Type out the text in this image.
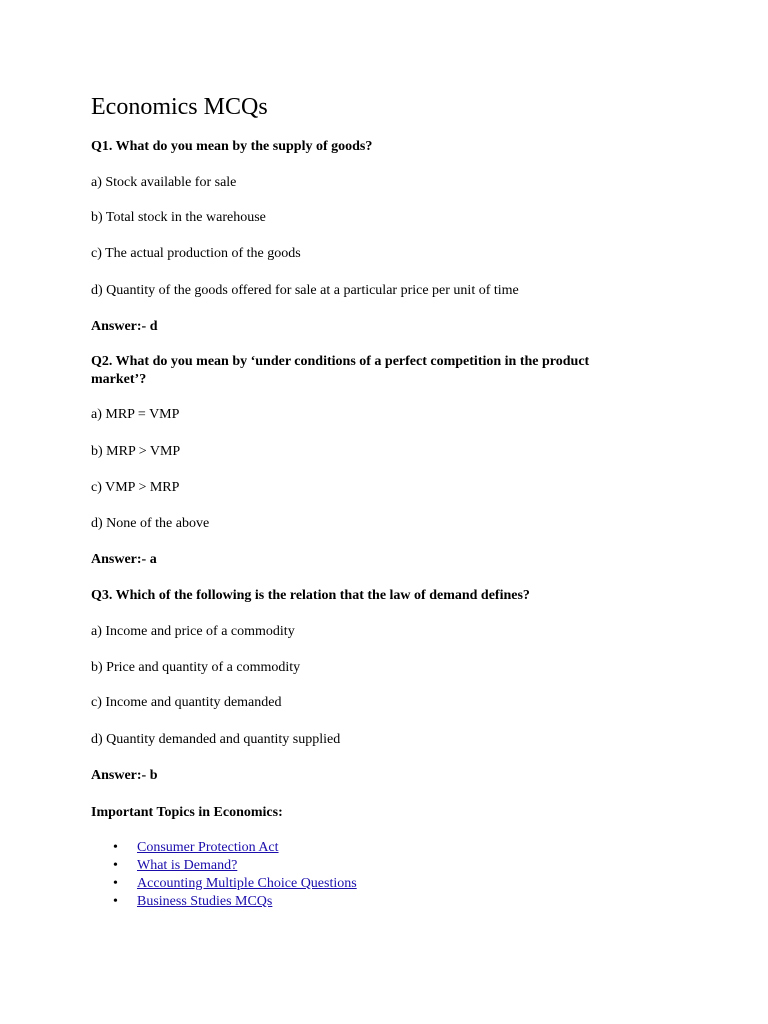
Economics MCQs
Q1. What do you mean by the supply of goods?
a) Stock available for sale
b) Total stock in the warehouse
c) The actual production of the goods
d) Quantity of the goods offered for sale at a particular price per unit of time
Answer:- d
Q2. What do you mean by ‘under conditions of a perfect competition in the product market’?
a) MRP = VMP
b) MRP > VMP
c) VMP > MRP
d) None of the above
Answer:- a
Q3. Which of the following is the relation that the law of demand defines?
a) Income and price of a commodity
b) Price and quantity of a commodity
c) Income and quantity demanded
d) Quantity demanded and quantity supplied
Answer:- b
Important Topics in Economics:
• Consumer Protection Act
• What is Demand?
• Accounting Multiple Choice Questions
• Business Studies MCQs
